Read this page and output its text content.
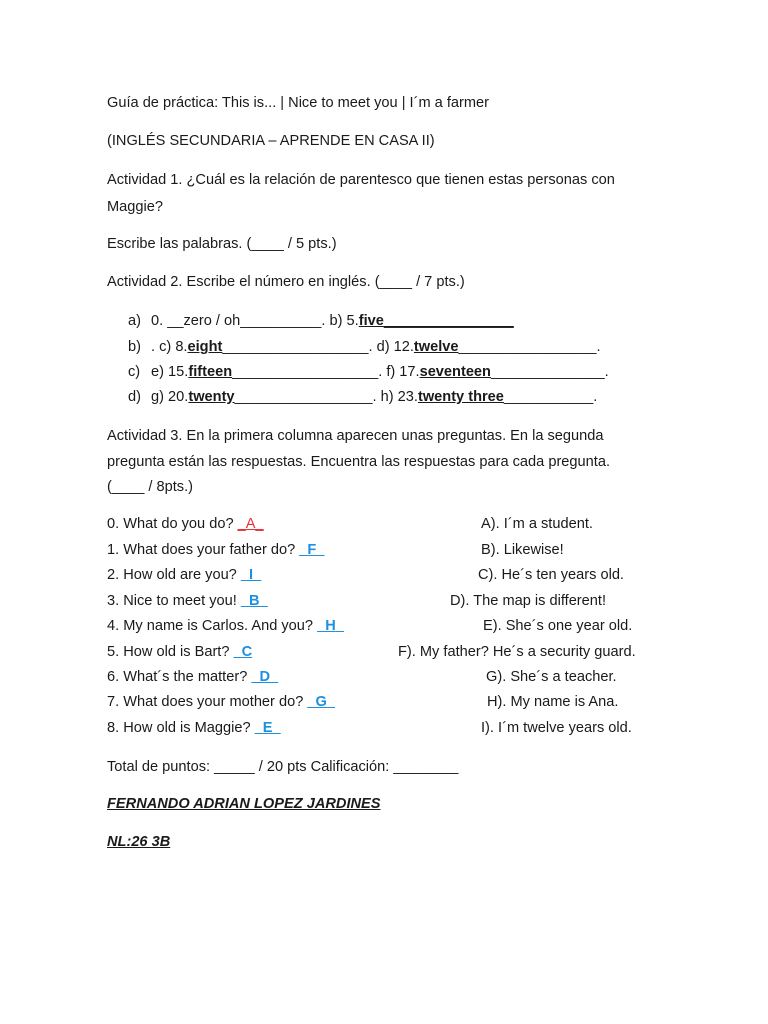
Guía de práctica: This is... | Nice to meet you | I´m a farmer
(INGLÉS SECUNDARIA – APRENDE EN CASA II)
Actividad 1. ¿Cuál es la relación de parentesco que tienen estas personas con
Maggie?
Escribe las palabras. (____ / 5 pts.)
Actividad 2. Escribe el número en inglés. (____ / 7 pts.)
a) 0. __zero / oh__________. b) 5.five________________
b) . c) 8.eight__________________. d) 12.twelve_________________.
c) e) 15.fifteen__________________. f) 17.seventeen______________.
d) g) 20.twenty_________________. h) 23.twenty three___________.
Actividad 3. En la primera columna aparecen unas preguntas. En la segunda
pregunta están las respuestas. Encuentra las respuestas para cada pregunta.
(____ / 8pts.)
0. What do you do? _A_
1. What does your father do? _F_
2. How old are you? _I_
3. Nice to meet you! _B_
4. My name is Carlos. And you? _H_
5. How old is Bart? _C
6. What´s the matter? _D_
7. What does your mother do? _G_
8. How old is Maggie? _E_
A). I´m a student.
B). Likewise!
C). He´s ten years old.
D). The map is different!
E). She´s one year old.
F). My father? He´s a security guard.
G). She´s a teacher.
H). My name is Ana.
I). I´m twelve years old.
Total de puntos: _____ / 20 pts Calificación: ________
FERNANDO ADRIAN LOPEZ JARDINES
NL:26 3B
